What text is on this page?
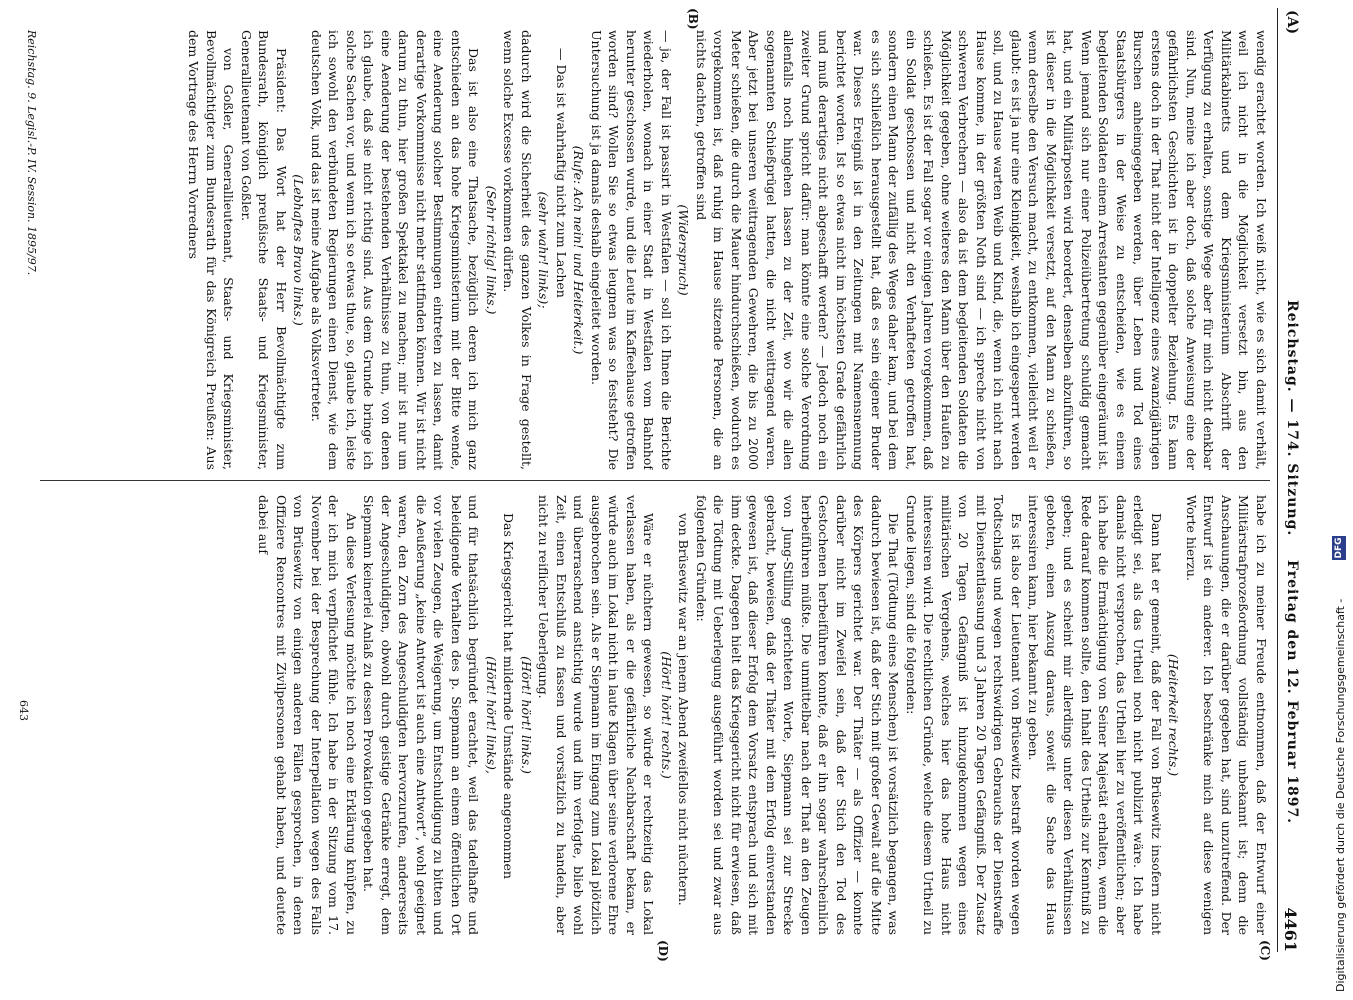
(A)
Reichstag. — 174. Sitzung.
Freitag den 12. Februar 1897.
4461
(B)
(C)
(D)

wendig erachtet worden. Ich weiß nicht, wie es sich damit verhält, weil ich nicht in die Möglichkeit versetzt bin, aus den Militärkabinetts und dem Kriegsministerium Abschrift der Verfügung zu erhalten, sonstige Wege aber für mich nicht denkbar sind. Nun, meine ich aber doch, daß solche Anweisung eine der gefährlichsten Geschichten ist in doppelter Beziehung. Es kann erstens doch in der That nicht der Intelligenz eines zwanzigjährigen Burschen anheimgegeben werden, über Leben und Tod eines Staatsbürgers in der Weise zu entscheiden, wie es einem begleitenden Soldaten einem Arrestanten gegenüber eingeräumt ist. Wenn jemand sich nur einer Polizeiübertretung schuldig gemacht hat, und ein Militärposten wird beordert, denselben abzuführen, so ist dieser in die Möglichkeit versetzt, auf den Mann zu schießen, wenn derselbe den Versuch macht, zu entkommen, vielleicht weil er glaubt: es ist ja nur eine Kleinigkeit, weshalb ich eingesperrt werden soll, und zu Hause warten Weib und Kind, die, wenn ich nicht nach Hause komme, in der größten Noth sind — ich spreche nicht von schweren Verbrechern — also da ist dem begleitenden Soldaten die Möglichkeit gegeben, ohne weiteres den Mann über den Haufen zu schießen. Es ist der Fall sogar vor einigen Jahren vorgekommen, daß ein Soldat geschossen und nicht den Verhafteten getroffen hat, sondern einen Mann der zufällig des Weges daher kam, und bei dem es sich schließlich herausgestellt hat, daß es sein eigener Bruder war. Dieses Ereigniß ist in den Zeitungen mit Namensnennung berichtet worden. Ist so etwas nicht im höchsten Grade gefährlich und muß derartiges nicht abgeschafft werden? — Jedoch noch ein zweiter Grund spricht dafür: man könnte eine solche Verordnung allenfalls noch hingehen lassen zu der Zeit, wo wir die allen sogenannten Schießprügel hatten, die nicht weittragend waren. Aber jetzt bei unseren weittragenden Gewehren, die bis zu 2000 Meter schießen, die durch die Mauer hindurchschießen, wodurch es vorgekommen ist, daß ruhig im Hause sitzende Personen, die an nichts dachten, getroffen sind

(Widerspruch)

— ja, der Fall ist passirt in Westfalen — soll ich Ihnen die Berichte wiederholen, wonach in einer Stadt in Westfalen vom Bahnhof herunter geschossen wurde, und die Leute im Kaffeehause getroffen worden sind? Wollen Sie so etwas leugnen was so feststeht? Die Untersuchung ist ja damals deshalb eingeleitet worden.

(Rufe: Ach nein! und Heiterkeit.)

— Das ist wahrhaftig nicht zum Lachen

(sehr wahr! links);

dadurch wird die Sicherheit des ganzen Volkes in Frage gestellt, wenn solche Excesse vorkommen dürfen.

(Sehr richtig! links.)

Das ist also eine Thatsache, bezüglich deren ich mich ganz entschieden an das hohe Kriegsministerium mit der Bitte wende, eine Aenderung solcher Bestimmungen eintreten zu lassen, damit derartige Vorkommnisse nicht mehr stattfinden können. Wir ist nicht darum zu thun, hier großen Spektakel zu machen; mir ist nur um eine Aenderung der bestehenden Verhältnisse zu thun, von denen ich glaube, daß sie nicht richtig sind. Aus dem Grunde bringe ich solche Sachen vor, und wenn ich so etwas thue, so, glaube ich, leiste ich sowohl den verbündeten Regierungen einen Dienst, wie dem deutschen Volk, und das ist meine Aufgabe als Volksvertreter.

(Lebhaftes Bravo links.)

Präsident: Das Wort hat der Herr Bevollmächtigte zum Bundesrath, königlich preußische Staats- und Kriegsminister, Generallieutenant von Goßler.

von Goßler, Generallieutenant, Staats- und Kriegsminister, Bevollmächtigter zum Bundesrath für das Königreich Preußen: Aus dem Vortrage des Herrn Vorredners

habe ich zu meiner Freude entnommen, daß der Entwurf einer Militärstrafprozeßordnung vollständig unbekannt ist; denn die Anschauungen, die er darüber gegeben hat, sind unzutreffend. Der Entwurf ist ein anderer. Ich beschränke mich auf diese wenigen Worte hierzu.

(Heiterkeit rechts.)

Dann hat er gemeint, daß der Fall von Brüsewitz insofern nicht erledigt sei, als das Urtheil noch nicht publizirt wäre. Ich habe damals nicht versprochen, das Urtheil hier zu veröffentlichen; aber ich habe die Ermächtigung von Seiner Majestät erhalten, wenn die Rede darauf kommen sollte, den Inhalt des Urtheils zur Kenntniß zu geben; und es scheint mir allerdings unter diesen Verhältnissen geboten, einen Auszug daraus, soweit die Sache das Haus interessiren kann, hier bekannt zu geben.

Es ist also der Lieutenant von Brüsewitz bestraft worden wegen Todtschlags und wegen rechtswidrigen Gebrauchs der Dienstwaffe mit Dienstentlassung und 3 Jahren 20 Tagen Gefängniß. Der Zusatz von 20 Tagen Gefängniß ist hinzugekommen wegen eines militärischen Vergehens, welches hier das hohe Haus nicht interessiren wird. Die rechtlichen Gründe, welche diesem Urtheil zu Grunde liegen, sind die folgenden:

Die That (Tödtung eines Menschen) ist vorsätzlich begangen, was dadurch bewiesen ist, daß der Stich mit großer Gewalt auf die Mitte des Körpers gerichtet war. Der Thäter — als Offizier — konnte darüber nicht im Zweifel sein, daß der Stich den Tod des Gestochenen herbeiführen konnte, daß er ihn sogar wahrscheinlich herbeiführen müßte. Die unmittelbar nach der That an den Zeugen von Jung-Stilling gerichteten Worte, Siepmann sei zur Strecke gebracht, beweisen, daß der Thäter mit dem Erfolg einverstanden gewesen ist, daß dieser Erfolg dem Vorsatz entsprach und sich mit ihm deckte. Dagegen hielt das Kriegsgericht nicht für erwiesen, daß die Tödtung mit Ueberlegung ausgeführt worden sei und zwar aus folgenden Gründen:

von Brüsewitz war an jenem Abend zweifellos nicht nüchtern.

(Hört! hört! rechts.)

Wäre er nüchtern gewesen, so würde er rechtzeitig das Lokal verlassen haben, als er die gefährliche Nachbarschaft bekam, er würde auch im Lokal nicht in laute Klagen über seine verlorene Ehre ausgebrochen sein. Als er Siepmann im Eingang zum Lokal plötzlich und überraschend anstichtig wurde und ihn verfolgte, blieb wohl Zeit, einen Entschluß zu fassen und vorsätzlich zu handeln, aber nicht zu reiflicher Ueberlegung.

(Hört! hört! links.)

Das Kriegsgericht hat mildernde Umstände angenommen

(Hört! hört! links),

und für thatsächlich begründet erachtet, weil das tadelhafte und beleidigende Verhalten des p. Siepmann an einem öffentlichen Ort vor vielen Zeugen, die Weigerung, um Entschuldigung zu bitten und die Aeußerung „keine Antwort ist auch eine Antwort“, wohl geeignet waren, den Zorn des Angeschuldigten hervorzurufen, andererseits der Angeschuldigten, obwohl durch geistige Getränke erregt, dem Siepmann keinerlei Anlaß zu dessen Provokation gegeben hat.

An diese Verlesung möchte ich noch eine Erklärung knüpfen, zu der ich mich verpflichtet fühle. Ich habe in der Sitzung vom 17. November bei der Besprechung der Interpellation wegen des Falls von Brüsewitz von einigen anderen Fällen gesprochen, in denen Offiziere Rencontres mit Zivilpersonen gehabt haben, und deutete dabei auf

Reichstag. 9. Legisl.-P. IV. Session. 1895/97.
643	Digitalisierung gefördert durch die Deutsche Forschungsgemeinschaft -
DFG
